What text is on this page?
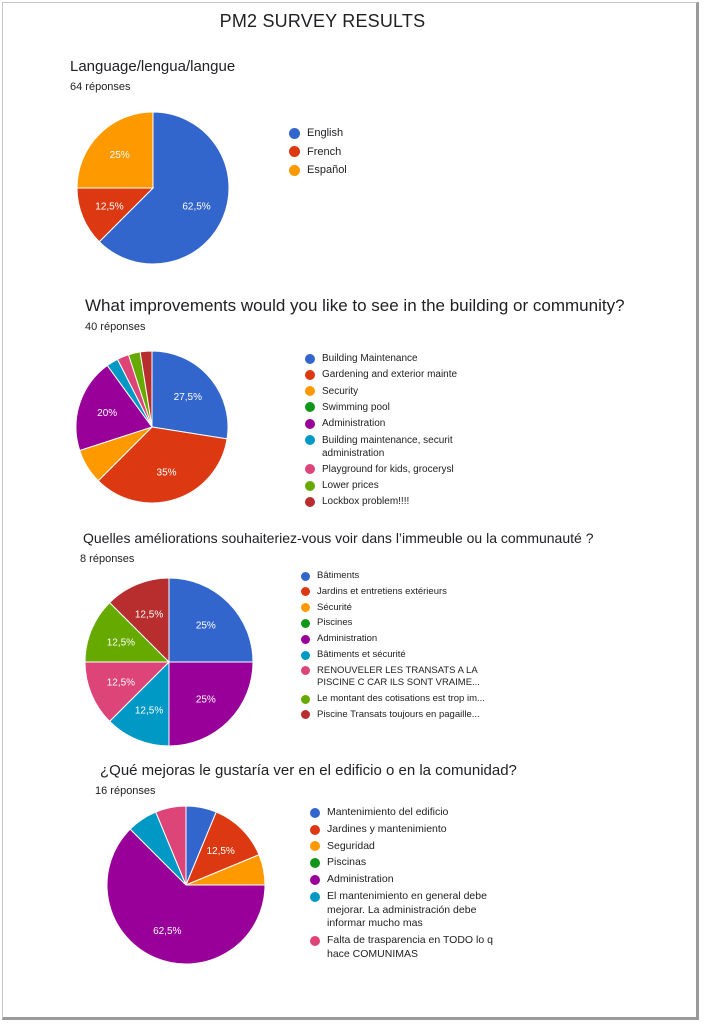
PM2 SURVEY RESULTS
Language/lengua/langue
64 réponses
62,5%
12,5%
25%
English
French
Español
What improvements would you like to see in the building or community?
40 réponses
27,5%
35%
20%
Building Maintenance
Gardening and exterior mainte
Security
Swimming pool
Administration
Building maintenance, securit
administration
Playground for kids, grocerysl
Lower prices
Lockbox problem!!!!
Quelles améliorations souhaiteriez-vous voir dans l’immeuble ou la communauté ?
8 réponses
25%
25%
12,5%
12,5%
12,5%
12,5%
Bâtiments
Jardins et entretiens extérieurs
Sécurité
Piscines
Administration
Bâtiments et sécurité
RENOUVELER LES TRANSATS A LA
PISCINE C CAR ILS SONT VRAIME...
Le montant des cotisations est trop im...
Piscine Transats toujours en pagaille...
¿Qué mejoras le gustaría ver en el edificio o en la comunidad?
16 réponses
12,5%
62,5%
Mantenimiento del edificio
Jardines y mantenimiento
Seguridad
Piscinas
Administration
El mantenimiento en general debe
mejorar. La administración debe
informar mucho mas
Falta de trasparencia en TODO lo q
hace COMUNIMAS
